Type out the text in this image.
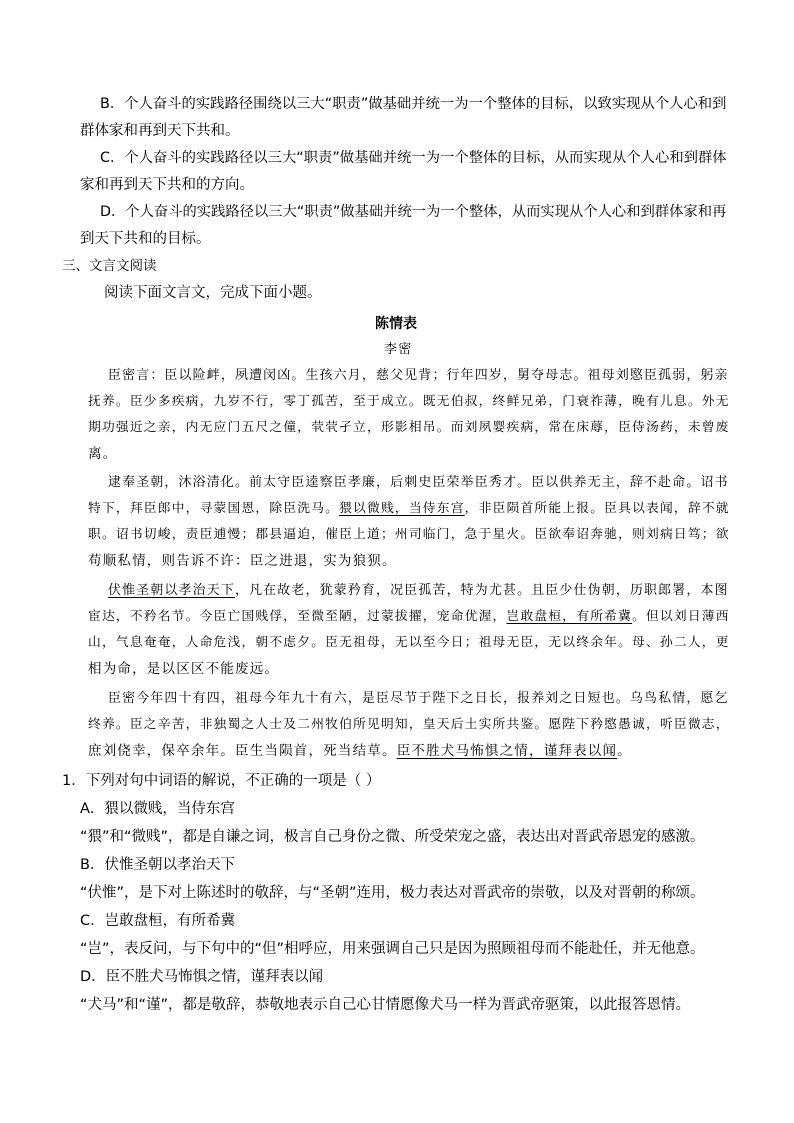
B．个人奋斗的实践路径围绕以三大“职责”做基础并统一为一个整体的目标，以致实现从个人心和到
群体家和再到天下共和。
C．个人奋斗的实践路径以三大“职责”做基础并统一为一个整体的目标，从而实现从个人心和到群体
家和再到天下共和的方向。
D．个人奋斗的实践路径以三大“职责”做基础并统一为一个整体，从而实现从个人心和到群体家和再
到天下共和的目标。
三、文言文阅读
阅读下面文言文，完成下面小题。
陈情表
李密
臣密言：臣以险衅，夙遭闵凶。生孩六月，慈父见背；行年四岁，舅夺母志。祖母刘愍臣孤弱，躬亲
抚养。臣少多疾病，九岁不行，零丁孤苦，至于成立。既无伯叔，终鲜兄弟，门衰祚薄，晚有儿息。外无
期功强近之亲，内无应门五尺之僮，茕茕孑立，形影相吊。而刘夙婴疾病，常在床蓐，臣侍汤药，未曾废
离。
逮奉圣朝，沐浴清化。前太守臣逵察臣孝廉，后刺史臣荣举臣秀才。臣以供养无主，辞不赴命。诏书
特下，拜臣郎中，寻蒙国恩，除臣洗马。猥以微贱，当侍东宫，非臣陨首所能上报。臣具以表闻，辞不就
职。诏书切峻，责臣逋慢；郡县逼迫，催臣上道；州司临门，急于星火。臣欲奉诏奔驰，则刘病日笃；欲
苟顺私情，则告诉不许：臣之进退，实为狼狈。
伏惟圣朝以孝治天下，凡在故老，犹蒙矜育，况臣孤苦，特为尤甚。且臣少仕伪朝，历职郎署，本图
宦达，不矜名节。今臣亡国贱俘，至微至陋，过蒙拔擢，宠命优渥，岂敢盘桓，有所希冀。但以刘日薄西
山，气息奄奄，人命危浅，朝不虑夕。臣无祖母，无以至今日；祖母无臣，无以终余年。母、孙二人，更
相为命，是以区区不能废远。
臣密今年四十有四，祖母今年九十有六，是臣尽节于陛下之日长，报养刘之日短也。乌鸟私情，愿乞
终养。臣之辛苦，非独蜀之人士及二州牧伯所见明知，皇天后土实所共鉴。愿陛下矜愍愚诚，听臣微志，
庶刘侥幸，保卒余年。臣生当陨首，死当结草。臣不胜犬马怖惧之情，谨拜表以闻。
1．下列对句中词语的解说，不正确的一项是（ ）
A．猥以微贱，当侍东宫
“猥”和“微贱”，都是自谦之词，极言自己身份之微、所受荣宠之盛，表达出对晋武帝恩宠的感激。
B．伏惟圣朝以孝治天下
“伏惟”，是下对上陈述时的敬辞，与“圣朝”连用，极力表达对晋武帝的崇敬，以及对晋朝的称颂。
C．岂敢盘桓，有所希冀
“岂”，表反问，与下句中的“但”相呼应，用来强调自己只是因为照顾祖母而不能赴任，并无他意。
D．臣不胜犬马怖惧之情，谨拜表以闻
“犬马”和“谨”，都是敬辞，恭敬地表示自己心甘情愿像犬马一样为晋武帝驱策，以此报答恩情。
